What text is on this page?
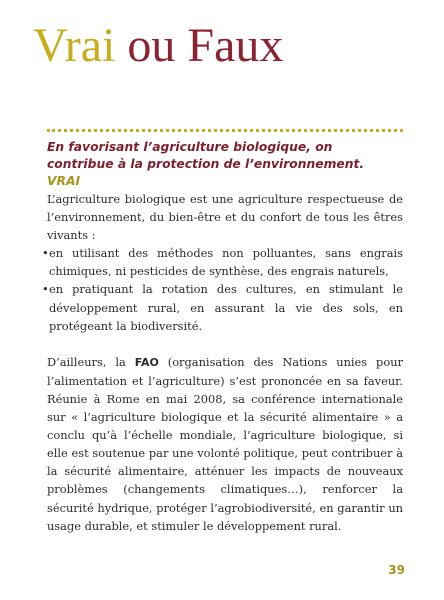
Vrai ou Faux

En favorisant l’agriculture biologique, on contribue à la protection de l’environnement.

VRAI

L’agriculture biologique est une agriculture respectueuse de l’environnement, du bien-être et du confort de tous les êtres vivants :

• en utilisant des méthodes non polluantes, sans engrais chimiques, ni pesticides de synthèse, des engrais naturels,
• en pratiquant la rotation des cultures, en stimulant le développement rural, en assurant la vie des sols, en protégeant la biodiversité.

D’ailleurs, la FAO (organisation des Nations unies pour l’alimentation et l’agriculture) s’est prononcée en sa faveur. Réunie à Rome en mai 2008, sa conférence internationale sur « l’agriculture biologique et la sécurité alimentaire » a conclu qu’à l’échelle mondiale, l’agriculture biologique, si elle est soutenue par une volonté politique, peut contribuer à la sécurité alimentaire, atténuer les impacts de nouveaux problèmes (changements climatiques…), renforcer la sécurité hydrique, protéger l’agrobiodiversité, en garantir un usage durable, et stimuler le développement rural.

39
